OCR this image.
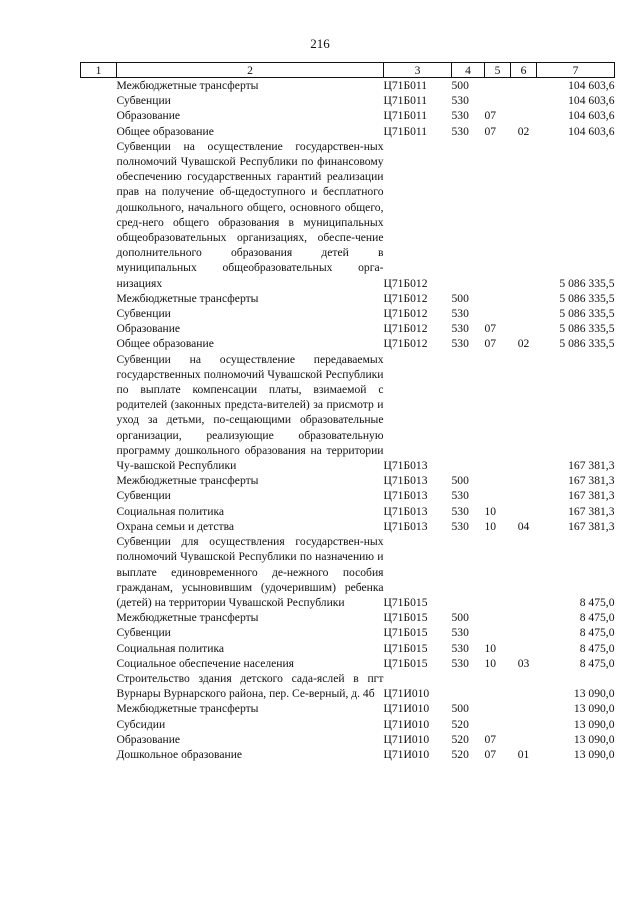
216
1	2	3	4	5	6	7

	Межбюджетные трансферты	Ц71Б011	500			104 603,6

	Субвенции	Ц71Б011	530			104 603,6

	Образование	Ц71Б011	530	07		104 603,6

	Общее образование	Ц71Б011	530	07	02	104 603,6

	Субвенции на осуществление государствен-ных полномочий Чувашской Республики по финансовому обеспечению государственных гарантий реализации прав на получение об-щедоступного и бесплатного дошкольного, начального общего, основного общего, сред-него общего образования в муниципальных общеобразовательных организациях, обеспе-чение дополнительного образования детей в муниципальных общеобразовательных орга-низациях	Ц71Б012				5 086 335,5

	Межбюджетные трансферты	Ц71Б012	500			5 086 335,5

	Субвенции	Ц71Б012	530			5 086 335,5

	Образование	Ц71Б012	530	07		5 086 335,5

	Общее образование	Ц71Б012	530	07	02	5 086 335,5

	Субвенции на осуществление передаваемых государственных полномочий Чувашской Республики по выплате компенсации платы, взимаемой с родителей (законных предста-вителей) за присмотр и уход за детьми, по-сещающими образовательные организации, реализующие образовательную программу дошкольного образования на территории Чу-вашской Республики	Ц71Б013				167 381,3

	Межбюджетные трансферты	Ц71Б013	500			167 381,3

	Субвенции	Ц71Б013	530			167 381,3

	Социальная политика	Ц71Б013	530	10		167 381,3

	Охрана семьи и детства	Ц71Б013	530	10	04	167 381,3

	Субвенции для осуществления государствен-ных полномочий Чувашской Республики по назначению и выплате единовременного де-нежного пособия гражданам, усыновившим (удочерившим) ребенка (детей) на территории Чувашской Республики	Ц71Б015				8 475,0

	Межбюджетные трансферты	Ц71Б015	500			8 475,0

	Субвенции	Ц71Б015	530			8 475,0

	Социальная политика	Ц71Б015	530	10		8 475,0

	Социальное обеспечение населения	Ц71Б015	530	10	03	8 475,0

	Строительство здания детского сада-яслей в пгт Вурнары Вурнарского района, пер. Се-верный, д. 4б	Ц71И010				13 090,0

	Межбюджетные трансферты	Ц71И010	500			13 090,0

	Субсидии	Ц71И010	520			13 090,0

	Образование	Ц71И010	520	07		13 090,0

	Дошкольное образование	Ц71И010	520	07	01	13 090,0
